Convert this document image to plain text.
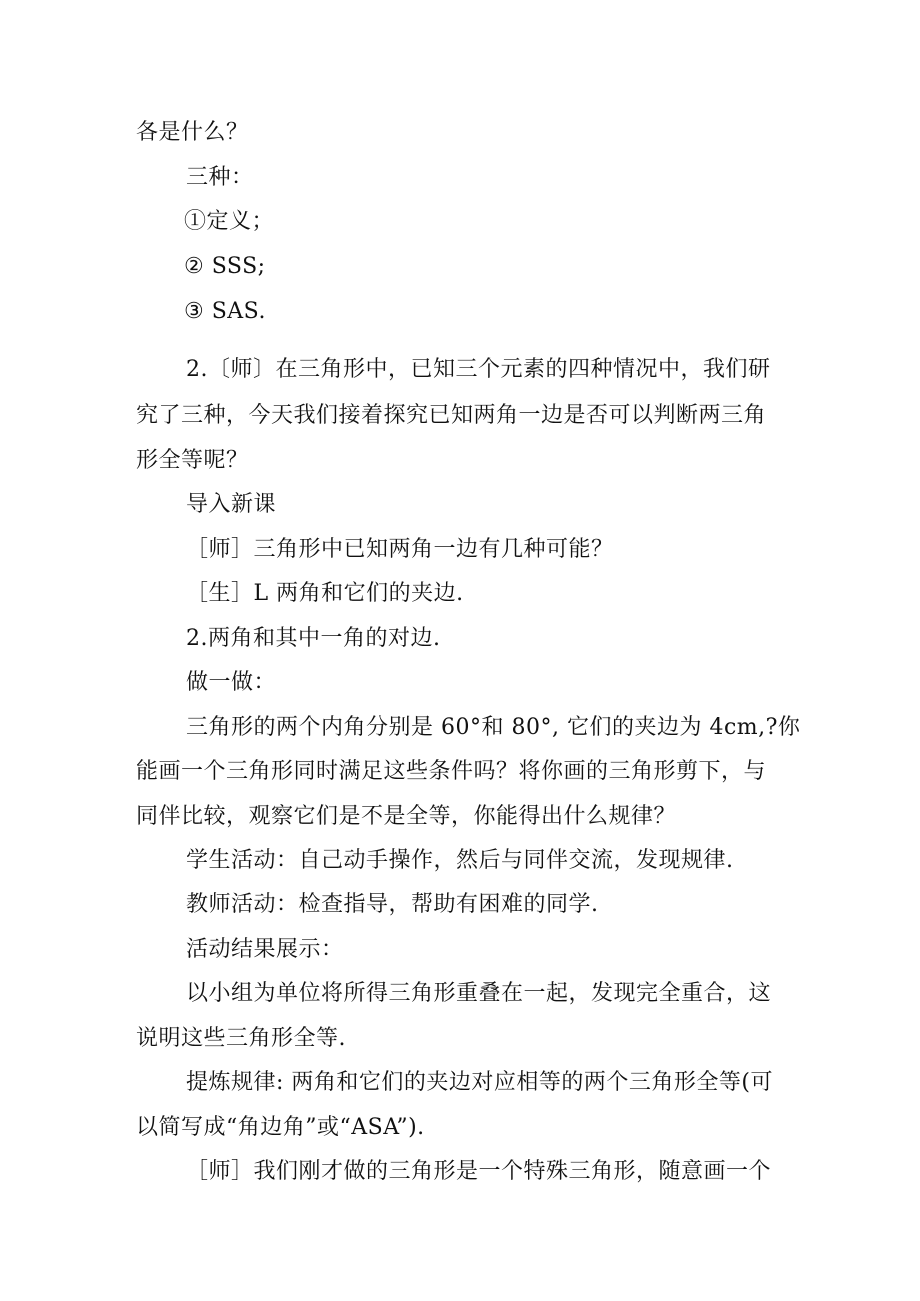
各是什么？
三种：
①定义；
② SSS;
③ SAS.
2.〔师〕在三角形中，已知三个元素的四种情况中，我们研
究了三种，今天我们接着探究已知两角一边是否可以判断两三角
形全等呢？
导入新课
［师］三角形中已知两角一边有几种可能？
［生］L 两角和它们的夹边.
2.两角和其中一角的对边.
做一做：
三角形的两个内角分别是 60°和 80°, 它们的夹边为 4cm,?你
能画一个三角形同时满足这些条件吗？将你画的三角形剪下，与
同伴比较，观察它们是不是全等，你能得出什么规律？
学生活动：自己动手操作，然后与同伴交流，发现规律.
教师活动：检查指导，帮助有困难的同学.
活动结果展示：
以小组为单位将所得三角形重叠在一起，发现完全重合，这
说明这些三角形全等.
提炼规律: 两角和它们的夹边对应相等的两个三角形全等(可
以简写成“角边角”或“ASA”).
［师］我们刚才做的三角形是一个特殊三角形，随意画一个
